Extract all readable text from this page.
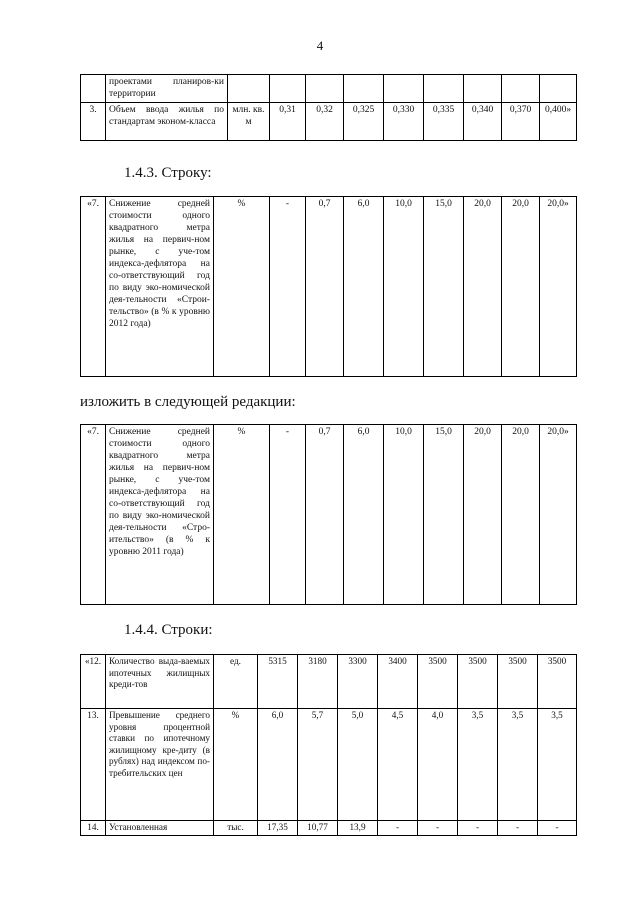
4
	проектами планиров-ки территории									
3.	Объем ввода жилья по стандартам эконом-класса	млн. кв. м	0,31	0,32	0,325	0,330	0,335	0,340	0,370	0,400»
1.4.3. Строку:
«7.	Снижение средней стоимости одного квадратного метра жилья на первич-ном рынке, с уче-том индекса-дефлятора на со-ответствующий год по виду эко-номической дея-тельности «Строи-тельство» (в % к уровню 2012 года)	%	-	0,7	6,0	10,0	15,0	20,0	20,0	20,0»
изложить в следующей редакции:
«7.	Снижение средней стоимости одного квадратного метра жилья на первич-ном рынке, с уче-том индекса-дефлятора на со-ответствующий год по виду эко-номической дея-тельности «Стро-ительство» (в % к уровню 2011 года)	%	-	0,7	6,0	10,0	15,0	20,0	20,0	20,0»
1.4.4. Строки:
«12.	Количество выда-ваемых ипотечных жилищных креди-тов	ед.	5315	3180	3300	3400	3500	3500	3500	3500
13.	Превышение среднего уровня процентной ставки по ипотечному жилищному кре-диту (в рублях) над индексом по-требительских цен	%	6,0	5,7	5,0	4,5	4,0	3,5	3,5	3,5
14.	Установленная	тыс.	17,35	10,77	13,9	-	-	-	-	-
